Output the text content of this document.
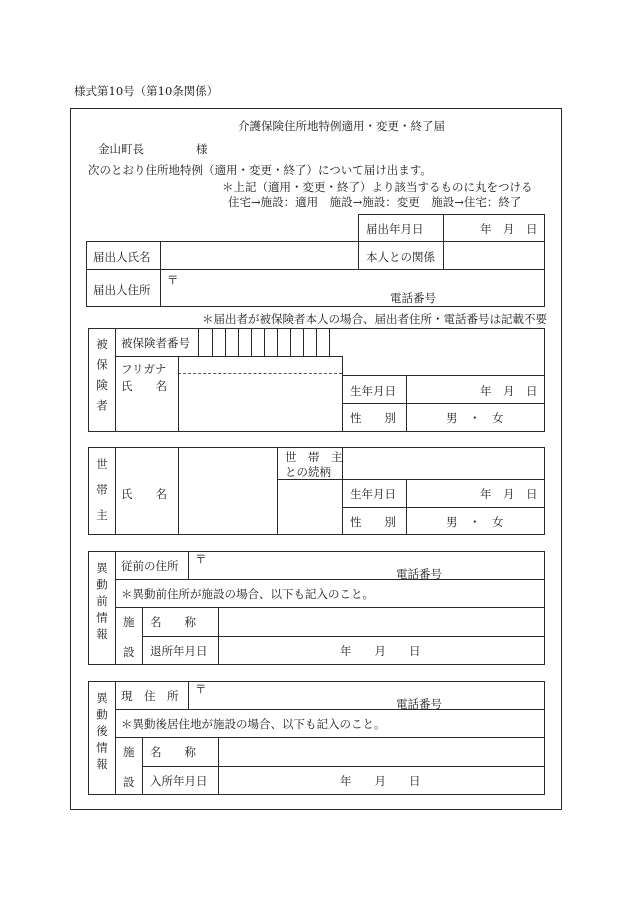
様式第10号（第10条関係）
介護保険住所地特例適用・変更・終了届
金山町長	様
次のとおり住所地特例（適用・変更・終了）について届け出ます。
＊上記（適用・変更・終了）より該当するものに丸をつける
住宅→施設：適用　施設→施設：変更　施設→住宅：終了
届出年月日	年　月　日
届出人氏名	本人との関係
届出人住所
〒
電話番号
＊届出者が被保険者本人の場合、届出者住所・電話番号は記載不要
被保険者 被保険者番号
フリガナ
氏　　名	生年月日	年　月　日
性　　別	男　・　女
世帯主 氏　　名
世　帯　主
との続柄
生年月日	年　月　日
性　　別	男　・　女
異動前情報 従前の住所 〒
電話番号
＊異動前住所が施設の場合、以下も記入のこと。
施
設
名　　称
退所年月日	年　　月　　日
異動後情報 現　住　所 〒
電話番号
＊異動後居住地が施設の場合、以下も記入のこと。
施
設
名　　称
入所年月日	年　　月　　日
